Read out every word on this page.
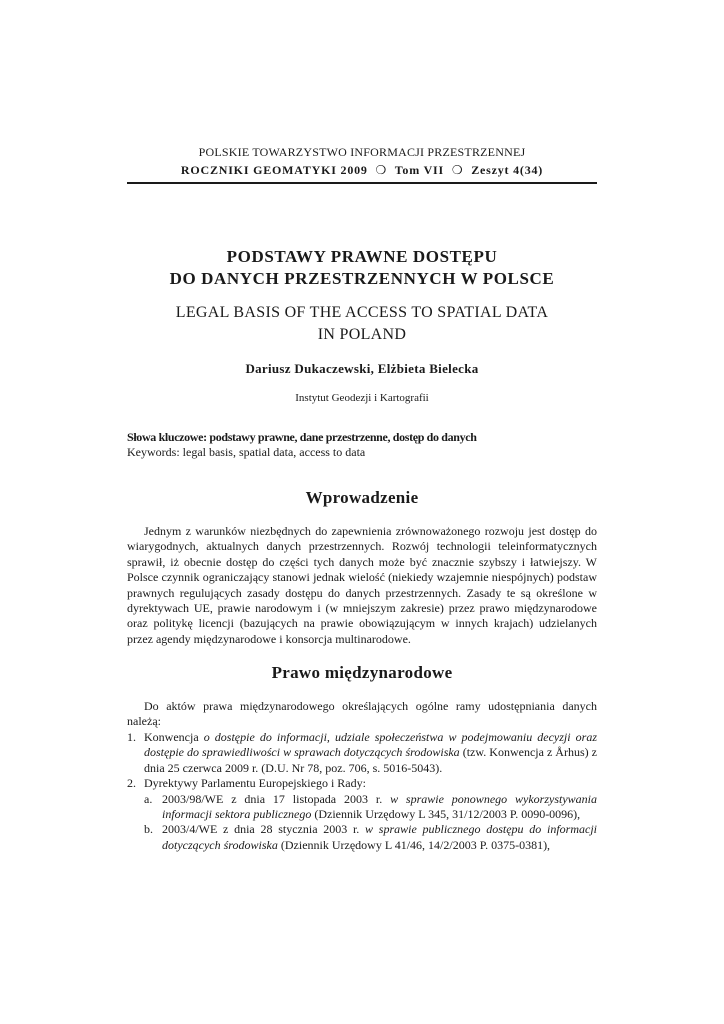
POLSKIE TOWARZYSTWO INFORMACJI PRZESTRZENNEJ
ROCZNIKI GEOMATYKI 2009 ❍ Tom VII ❍ Zeszyt 4(34)
PODSTAWY PRAWNE DOSTĘPU
DO DANYCH PRZESTRZENNYCH W POLSCE
LEGAL BASIS OF THE ACCESS TO SPATIAL DATA
IN POLAND
Dariusz Dukaczewski, Elżbieta Bielecka
Instytut Geodezji i Kartografii
Słowa kluczowe: podstawy prawne, dane przestrzenne, dostęp do danych
Keywords: legal basis, spatial data, access to data
Wprowadzenie
Jednym z warunków niezbędnych do zapewnienia zrównoważonego rozwoju jest dostęp do wiarygodnych, aktualnych danych przestrzennych. Rozwój technologii teleinformatycznych sprawił, iż obecnie dostęp do części tych danych może być znacznie szybszy i łatwiejszy. W Polsce czynnik ograniczający stanowi jednak wielość (niekiedy wzajemnie niespójnych) podstaw prawnych regulujących zasady dostępu do danych przestrzennych. Zasady te są określone w dyrektywach UE, prawie narodowym i (w mniejszym zakresie) przez prawo międzynarodowe oraz politykę licencji (bazujących na prawie obowiązującym w innych krajach) udzielanych przez agendy międzynarodowe i konsorcja multinarodowe.
Prawo międzynarodowe
Do aktów prawa międzynarodowego określających ogólne ramy udostępniania danych należą:
1. Konwencja o dostępie do informacji, udziale społeczeństwa w podejmowaniu decyzji oraz dostępie do sprawiedliwości w sprawach dotyczących środowiska (tzw. Konwencja z Århus) z dnia 25 czerwca 2009 r. (D.U. Nr 78, poz. 706, s. 5016-5043).
2. Dyrektywy Parlamentu Europejskiego i Rady:
a. 2003/98/WE z dnia 17 listopada 2003 r. w sprawie ponownego wykorzystywania informacji sektora publicznego (Dziennik Urzędowy L 345, 31/12/2003 P. 0090-0096),
b. 2003/4/WE z dnia 28 stycznia 2003 r. w sprawie publicznego dostępu do informacji dotyczących środowiska (Dziennik Urzędowy L 41/46, 14/2/2003 P. 0375-0381),
